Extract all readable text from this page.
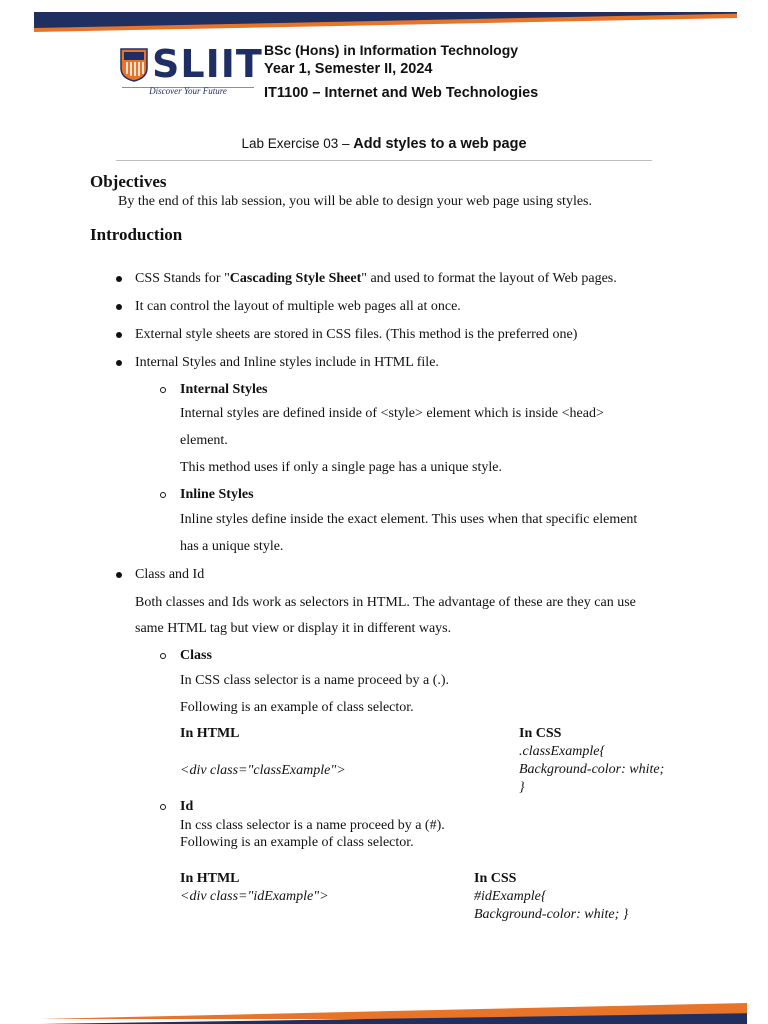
SLIIT
Discover Your Future
BSc (Hons) in Information Technology
Year 1, Semester II, 2024
IT1100 – Internet and Web Technologies
Lab Exercise 03 – Add styles to a web page
Objectives
By the end of this lab session, you will be able to design your web page using styles.
Introduction
CSS Stands for "Cascading Style Sheet" and used to format the layout of Web pages.
It can control the layout of multiple web pages all at once.
External style sheets are stored in CSS files. (This method is the preferred one)
Internal Styles and Inline styles include in HTML file.
Internal Styles
Internal styles are defined inside of <style> element which is inside <head>
element.
This method uses if only a single page has a unique style.
Inline Styles
Inline styles define inside the exact element. This uses when that specific element
has a unique style.
Class and Id
Both classes and Ids work as selectors in HTML. The advantage of these are they can use
same HTML tag but view or display it in different ways.
Class
In CSS class selector is a name proceed by a (.).
Following is an example of class selector.
In HTML
<div class="classExample">
In CSS
.classExample{
Background-color: white;
}
Id
In css class selector is a name proceed by a (#).
Following is an example of class selector.
In HTML
<div class="idExample">
In CSS
#idExample{
Background-color: white; }
